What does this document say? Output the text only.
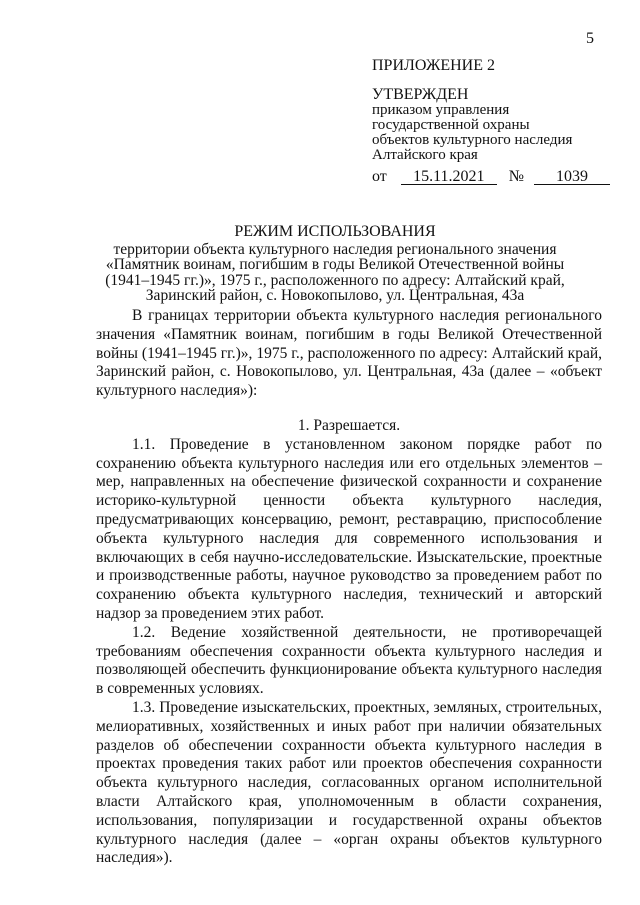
5
ПРИЛОЖЕНИЕ 2
УТВЕРЖДЕН
приказом управления
государственной охраны
объектов культурного наследия
Алтайского края
от 15.11.2021 № 1039
РЕЖИМ ИСПОЛЬЗОВАНИЯ
территории объекта культурного наследия регионального значения
«Памятник воинам, погибшим в годы Великой Отечественной войны
(1941–1945 гг.)», 1975 г., расположенного по адресу: Алтайский край,
Заринский район, с. Новокопылово, ул. Центральная, 43а

В границах территории объекта культурного наследия регионального значения «Памятник воинам, погибшим в годы Великой Отечественной войны (1941–1945 гг.)», 1975 г., расположенного по адресу: Алтайский край, Заринский район, с. Новокопылово, ул. Центральная, 43а (далее – «объект культурного наследия»):

1. Разрешается.

1.1. Проведение в установленном законом порядке работ по сохранению объекта культурного наследия или его отдельных элементов – мер, направленных на обеспечение физической сохранности и сохранение историко-культурной ценности объекта культурного наследия, предусматривающих консервацию, ремонт, реставрацию, приспособление объекта культурного наследия для современного использования и включающих в себя научно-исследовательские. Изыскательские, проектные и производственные работы, научное руководство за проведением работ по сохранению объекта культурного наследия, технический и авторский надзор за проведением этих работ.

1.2. Ведение хозяйственной деятельности, не противоречащей требованиям обеспечения сохранности объекта культурного наследия и позволяющей обеспечить функционирование объекта культурного наследия в современных условиях.

1.3. Проведение изыскательских, проектных, земляных, строительных, мелиоративных, хозяйственных и иных работ при наличии обязательных разделов об обеспечении сохранности объекта культурного наследия в проектах проведения таких работ или проектов обеспечения сохранности объекта культурного наследия, согласованных органом исполнительной власти Алтайского края, уполномоченным в области сохранения, использования, популяризации и государственной охраны объектов культурного наследия (далее – «орган охраны объектов культурного наследия»).
